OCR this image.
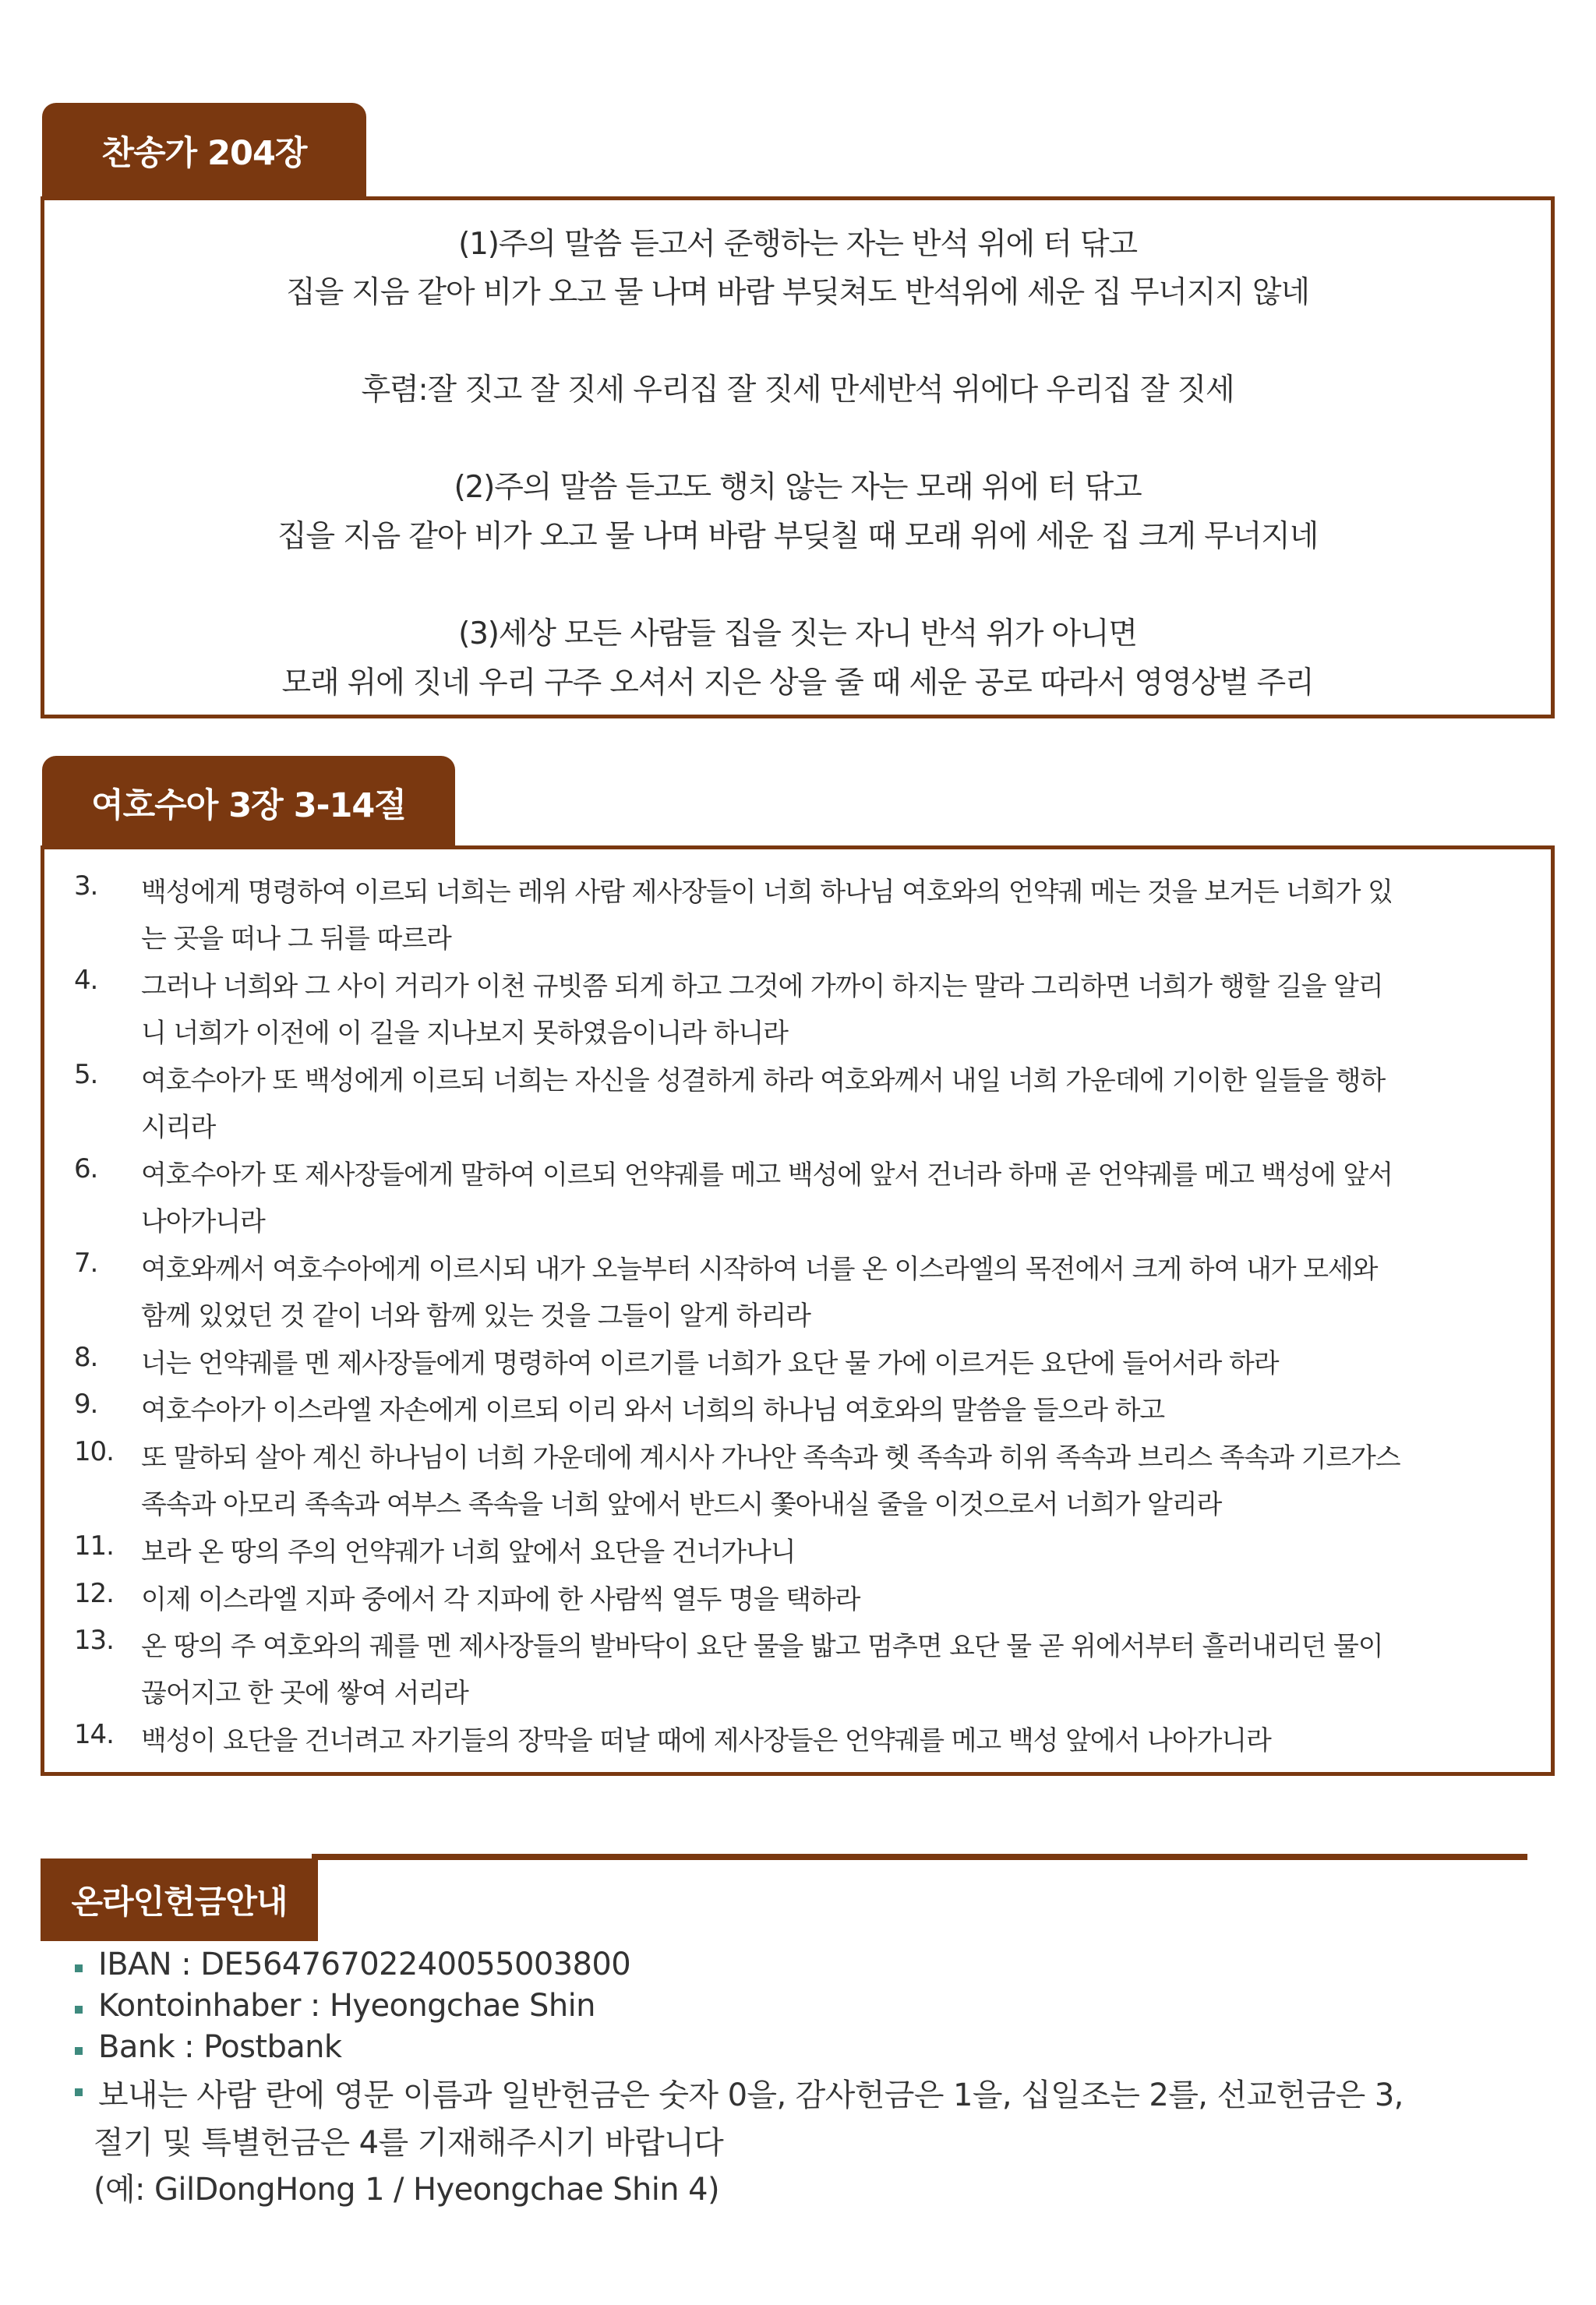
찬송가 204장
(1)주의 말씀 듣고서 준행하는 자는 반석 위에 터 닦고
집을 지음 같아 비가 오고 물 나며 바람 부딪쳐도 반석위에 세운 집 무너지지 않네
후렴:잘 짓고 잘 짓세 우리집 잘 짓세 만세반석 위에다 우리집 잘 짓세
(2)주의 말씀 듣고도 행치 않는 자는 모래 위에 터 닦고
집을 지음 같아 비가 오고 물 나며 바람 부딪칠 때 모래 위에 세운 집 크게 무너지네
(3)세상 모든 사람들 집을 짓는 자니 반석 위가 아니면
모래 위에 짓네 우리 구주 오셔서 지은 상을 줄 때 세운 공로 따라서 영영상벌 주리
여호수아 3장 3-14절
3. 백성에게 명령하여 이르되 너희는 레위 사람 제사장들이 너희 하나님 여호와의 언약궤 메는 것을 보거든 너희가 있
는 곳을 떠나 그 뒤를 따르라
4. 그러나 너희와 그 사이 거리가 이천 규빗쯤 되게 하고 그것에 가까이 하지는 말라 그리하면 너희가 행할 길을 알리
니 너희가 이전에 이 길을 지나보지 못하였음이니라 하니라
5. 여호수아가 또 백성에게 이르되 너희는 자신을 성결하게 하라 여호와께서 내일 너희 가운데에 기이한 일들을 행하
시리라
6. 여호수아가 또 제사장들에게 말하여 이르되 언약궤를 메고 백성에 앞서 건너라 하매 곧 언약궤를 메고 백성에 앞서
나아가니라
7. 여호와께서 여호수아에게 이르시되 내가 오늘부터 시작하여 너를 온 이스라엘의 목전에서 크게 하여 내가 모세와
함께 있었던 것 같이 너와 함께 있는 것을 그들이 알게 하리라
8. 너는 언약궤를 멘 제사장들에게 명령하여 이르기를 너희가 요단 물 가에 이르거든 요단에 들어서라 하라
9. 여호수아가 이스라엘 자손에게 이르되 이리 와서 너희의 하나님 여호와의 말씀을 들으라 하고
10. 또 말하되 살아 계신 하나님이 너희 가운데에 계시사 가나안 족속과 헷 족속과 히위 족속과 브리스 족속과 기르가스
족속과 아모리 족속과 여부스 족속을 너희 앞에서 반드시 쫓아내실 줄을 이것으로서 너희가 알리라
11. 보라 온 땅의 주의 언약궤가 너희 앞에서 요단을 건너가나니
12. 이제 이스라엘 지파 중에서 각 지파에 한 사람씩 열두 명을 택하라
13. 온 땅의 주 여호와의 궤를 멘 제사장들의 발바닥이 요단 물을 밟고 멈추면 요단 물 곧 위에서부터 흘러내리던 물이
끊어지고 한 곳에 쌓여 서리라
14. 백성이 요단을 건너려고 자기들의 장막을 떠날 때에 제사장들은 언약궤를 메고 백성 앞에서 나아가니라
온라인헌금안내
IBAN : DE56476702240055003800
Kontoinhaber : Hyeongchae Shin
Bank : Postbank
보내는 사람 란에 영문 이름과 일반헌금은 숫자 0을, 감사헌금은 1을, 십일조는 2를, 선교헌금은 3,
절기 및 특별헌금은 4를 기재해주시기 바랍니다
(예: GilDongHong 1 / Hyeongchae Shin 4)
